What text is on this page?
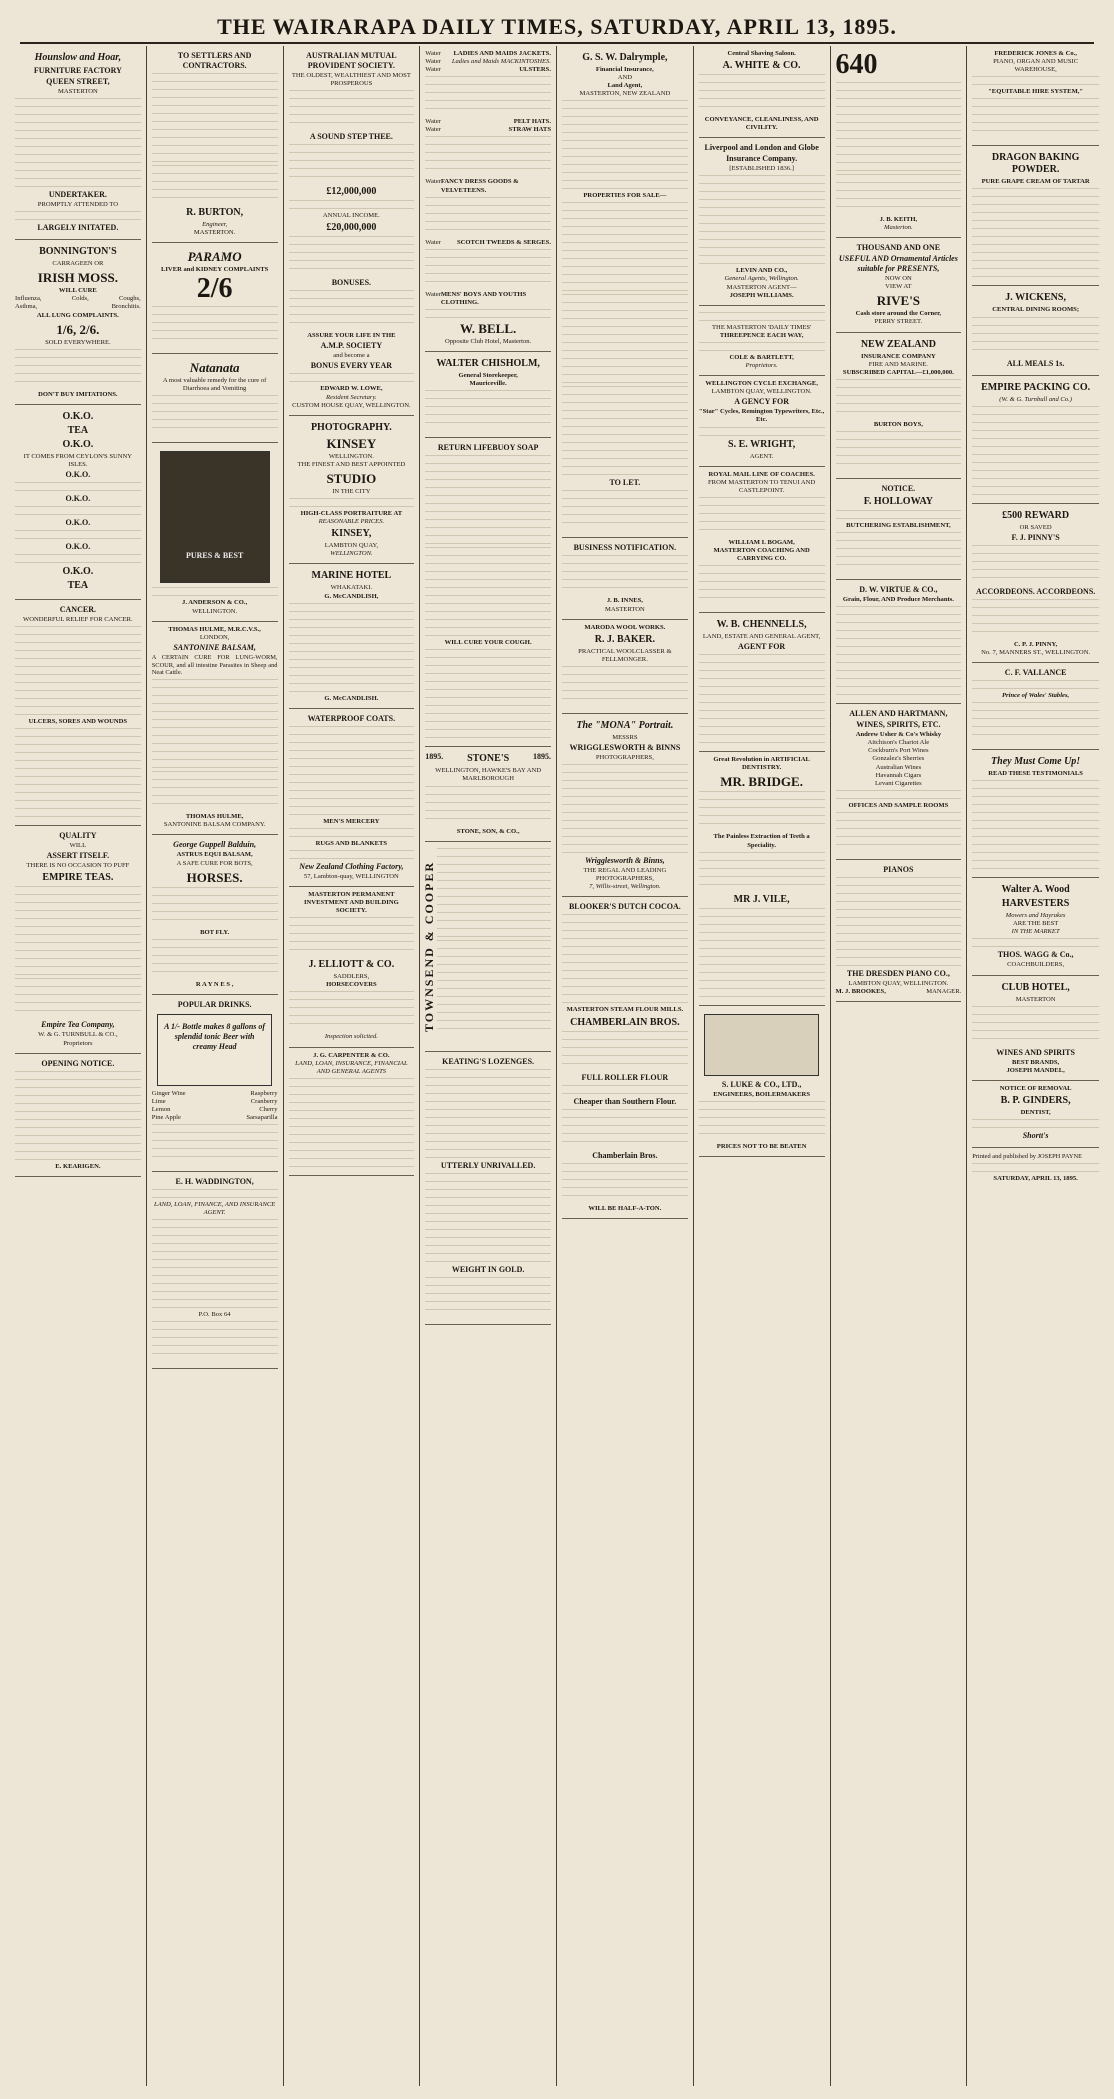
THE WAIRARAPA DAILY TIMES, SATURDAY, APRIL 13, 1895.
Hounslow and Hoar,
FURNITURE FACTORY
QUEEN STREET,
MASTERTON
UNDERTAKER.
PROMPTLY ATTENDED TO
LARGELY INITATED.
BONNINGTON'S
CARRAGEEN OR
IRISH MOSS.
WILL CURE
Influenza,	Colds,	Coughs,
Asthma,	Bronchitis.
ALL LUNG COMPLAINTS.
1/6, 2/6.
SOLD EVERYWHERE.
DON'T BUY IMITATIONS.
O.K.O.
TEA
O.K.O.
IT COMES FROM CEYLON'S SUNNY ISLES.
O.K.O.
O.K.O.
O.K.O.
O.K.O.
O.K.O.
TEA
CANCER.
WONDERFUL RELIEF FOR CANCER.
ULCERS, SORES AND WOUNDS
QUALITY
WILL
ASSERT ITSELF.
THERE IS NO OCCASION TO PUFF
EMPIRE TEAS.
Empire Tea Company,
W. & G. TURNBULL & CO.,
Proprietors
OPENING NOTICE.
E. KEARIGEN.
TO SETTLERS AND CONTRACTORS.
R. BURTON,
Engineer,
MASTERTON.
PARAMO
LIVER and KIDNEY COMPLAINTS
2/6
Natanata
A most valuable remedy for the cure of Diarrhoea and Vomiting
PURES & BEST
J. ANDERSON & CO.,
WELLINGTON.
THOMAS HULME, M.R.C.V.S.,
LONDON,
SANTONINE BALSAM,
A CERTAIN CURE FOR LUNG-WORM, SCOUR, and all intestine Parasites in Sheep and Neat Cattle.
THOMAS HULME,
SANTONINE BALSAM COMPANY.
George Guppell Balduin,
ASTRUS EQUI BALSAM,
A SAFE CURE FOR BOTS,
HORSES.
BOT FLY.
R A Y N E S ,
POPULAR DRINKS.
A 1/- Bottle makes 8 gallons of splendid tonic Beer with creamy Head
Ginger Wine	Raspberry
Lime	Cranberry
Lemon	Cherry
Pine Apple	Sarsaparilla
E. H. WADDINGTON,
LAND, LOAN, FINANCE, AND INSURANCE AGENT.
P.O. Box 64
AUSTRALIAN MUTUAL PROVIDENT SOCIETY.
THE OLDEST, WEALTHIEST AND MOST PROSPEROUS
A SOUND STEP THEE.
£12,000,000
ANNUAL INCOME.
£20,000,000
BONUSES.
ASSURE YOUR LIFE IN THE
A.M.P. SOCIETY
and become a
BONUS EVERY YEAR
EDWARD W. LOWE,
Resident Secretary.
CUSTOM HOUSE QUAY, WELLINGTON.
PHOTOGRAPHY.
KINSEY
WELLINGTON.
THE FINEST AND BEST APPOINTED
STUDIO
IN THE CITY
HIGH-CLASS PORTRAITURE AT
REASONABLE PRICES.
KINSEY,
LAMBTON QUAY,
WELLINGTON.
MARINE HOTEL
WHAKATAKI.
G. McCANDLISH,
G. McCANDLISH.
WATERPROOF COATS.
MEN'S MERCERY
RUGS AND BLANKETS
New Zealand Clothing Factory,
57, Lambton-quay, WELLINGTON
MASTERTON PERMANENT INVESTMENT AND BUILDING SOCIETY.
J. ELLIOTT & CO.
SADDLERS,
HORSECOVERS
Inspection solicited.
J. G. CARPENTER & CO.
LAND, LOAN, INSURANCE, FINANCIAL AND GENERAL AGENTS
Water LADIES AND MAIDS JACKETS.
Water Ladies and Maids MACKINTOSHES.
Water	ULSTERS.
Water	PELT HATS.
Water	STRAW HATS
Water FANCY DRESS GOODS & VELVETEENS.
Water SCOTCH TWEEDS & SERGES.
Water MENS' BOYS AND YOUTHS CLOTHING.
W. BELL.
Opposite Club Hotel, Masterton.
WALTER CHISHOLM,
General Storekeeper,
Mauriceville.
RETURN LIFEBUOY SOAP
WILL CURE YOUR COUGH.
1895. STONE'S	1895.
WELLINGTON, HAWKE'S BAY AND MARLBOROUGH
STONE, SON, & CO.,
TOWNSEND & COOPER
KEATING'S LOZENGES.
UTTERLY UNRIVALLED.
WEIGHT IN GOLD.
G. S. W. Dalrymple,
Financial Insurance,
AND
Land Agent,
MASTERTON, NEW ZEALAND
PROPERTIES FOR SALE—
TO LET.
BUSINESS NOTIFICATION.
J. B. INNES,
MASTERTON
MARODA WOOL WORKS.
R. J. BAKER.
PRACTICAL WOOLCLASSER & FELLMONGER.
The "MONA" Portrait.
MESSRS
WRIGGLESWORTH & BINNS
PHOTOGRAPHERS,
Wrigglesworth & Binns,
THE REGAL AND LEADING PHOTOGRAPHERS,
7, Willis-street, Wellington.
BLOOKER'S DUTCH COCOA.
MASTERTON STEAM FLOUR MILLS.
CHAMBERLAIN BROS.
FULL ROLLER FLOUR
Cheaper than Southern Flour.
Chamberlain Bros.
WILL BE HALF-A-TON.
Central Shaving Saloon.
A. WHITE & CO.
CONVEYANCE, CLEANLINESS, AND CIVILITY.
Liverpool and London and Globe
Insurance Company.
[ESTABLISHED 1836.]
LEVIN AND CO.,
General Agents, Wellington.
MASTERTON AGENT—
JOSEPH WILLIAMS.
THE MASTERTON 'DAILY TIMES'
THREEPENCE EACH WAY,
COLE & BARTLETT,
Proprietors.
WELLINGTON CYCLE EXCHANGE,
LAMBTON QUAY, WELLINGTON.
A GENCY FOR
"Star" Cycles, Remington Typewriters, Etc., Etc.
S. E. WRIGHT,
AGENT.
ROYAL MAIL LINE OF COACHES.
FROM MASTERTON TO TENUI AND CASTLEPOINT.
WILLIAM I. BOGAM,
MASTERTON COACHING AND CARRYING CO.
W. B. CHENNELLS,
LAND, ESTATE AND GENERAL AGENT,
AGENT FOR
Great Revolution in ARTIFICIAL DENTISTRY.
MR. BRIDGE.
The Painless Extraction of Teeth a Speciality.
MR J. VILE,
S. LUKE & CO., LTD.,
ENGINEERS, BOILERMAKERS
PRICES NOT TO BE BEATEN
640
J. B. KEITH,
Masterton.
THOUSAND AND ONE
USEFUL AND Ornamental Articles suitable for PRESENTS,
NOW ON
VIEW AT
RIVE'S
Cash store around the Corner,
PERRY STREET.
NEW ZEALAND
INSURANCE COMPANY
FIRE AND MARINE.
SUBSCRIBED CAPITAL—£1,000,000.
BURTON BOYS,
NOTICE.
F. HOLLOWAY
BUTCHERING ESTABLISHMENT,
D. W. VIRTUE & CO.,
Grain, Flour, AND Produce Merchants.
ALLEN AND HARTMANN,
WINES, SPIRITS, ETC.
Andrew Usher & Co's Whisky
Aitchison's Chariot Ale
Cockburn's Port Wines
Gonzalez's Sherries
Australian Wines
Havannah Cigars
Levant Cigarettes
OFFICES AND SAMPLE ROOMS
PIANOS
THE DRESDEN PIANO CO.,
LAMBTON QUAY, WELLINGTON.
M. J. BROOKES,	MANAGER.
FREDERICK JONES & Co.,
PIANO, ORGAN AND MUSIC WAREHOUSE,
"EQUITABLE HIRE SYSTEM,"
DRAGON BAKING POWDER.
PURE GRAPE CREAM OF TARTAR
J. WICKENS,
CENTRAL DINING ROOMS;
ALL MEALS 1s.
EMPIRE PACKING CO.
(W. & G. Turnbull and Co.)
£500 REWARD
OR SAVED
F. J. PINNY'S
ACCORDEONS. ACCORDEONS.
C. P. J. PINNY,
No. 7, MANNERS ST., WELLINGTON.
C. F. VALLANCE
Prince of Wales' Stables,
They Must Come Up!
READ THESE TESTIMONIALS
Walter A. Wood
HARVESTERS
Mowers and Hayrakes
ARE THE BEST
IN THE MARKET
THOS. WAGG & Co.,
COACHBUILDERS,
CLUB HOTEL,
MASTERTON
WINES AND SPIRITS
BEST BRANDS,
JOSEPH MANDEL,
NOTICE OF REMOVAL
B. P. GINDERS,
DENTIST,
Shortt's
Printed and published by JOSEPH PAYNE
SATURDAY, APRIL 13, 1895.
